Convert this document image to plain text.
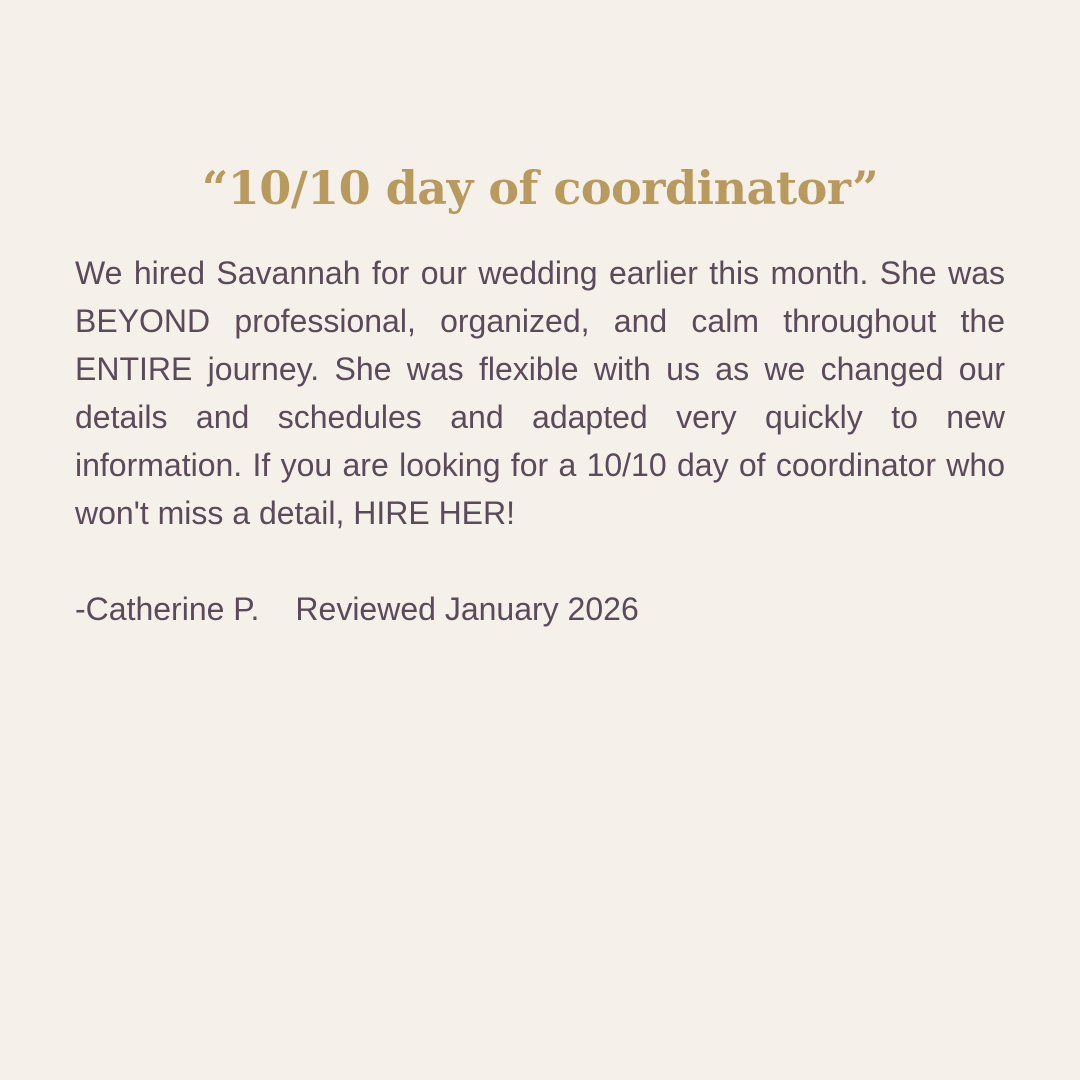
“10/10 day of coordinator”

We hired Savannah for our wedding earlier this month. She was BEYOND professional, organized, and calm throughout the ENTIRE journey. She was flexible with us as we changed our details and schedules and adapted very quickly to new information. If you are looking for a 10/10 day of coordinator who won't miss a detail, HIRE HER!

-Catherine P. Reviewed January 2026
